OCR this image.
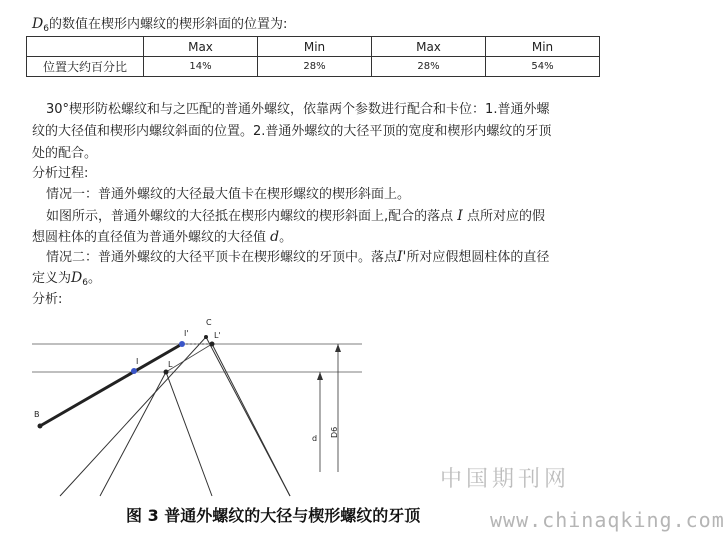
$D_6$的数值在楔形内螺纹的楔形斜面的位置为:
	Max	Min	Max	Min
位置大约百分比	14%	28%	28%	54%
30°楔形防松螺纹和与之匹配的普通外螺纹，依靠两个参数进行配合和卡位：1.普通外螺
纹的大径值和楔形内螺纹斜面的位置。2.普通外螺纹的大径平顶的宽度和楔形内螺纹的牙顶
处的配合。
分析过程:
情况一：普通外螺纹的大径最大值卡在楔形螺纹的楔形斜面上。
如图所示，普通外螺纹的大径抵在楔形内螺纹的楔形斜面上,配合的落点 I 点所对应的假
想圆柱体的直径值为普通外螺纹的大径值 d。
情况二：普通外螺纹的大径平顶卡在楔形螺纹的牙顶中。落点I'所对应假想圆柱体的直径
定义为$D_6$。
分析:
C
I'	L'
I	L
B
d
D6
图 3 普通外螺纹的大径与楔形螺纹的牙顶
中国期刊网
www.chinaqking.com
